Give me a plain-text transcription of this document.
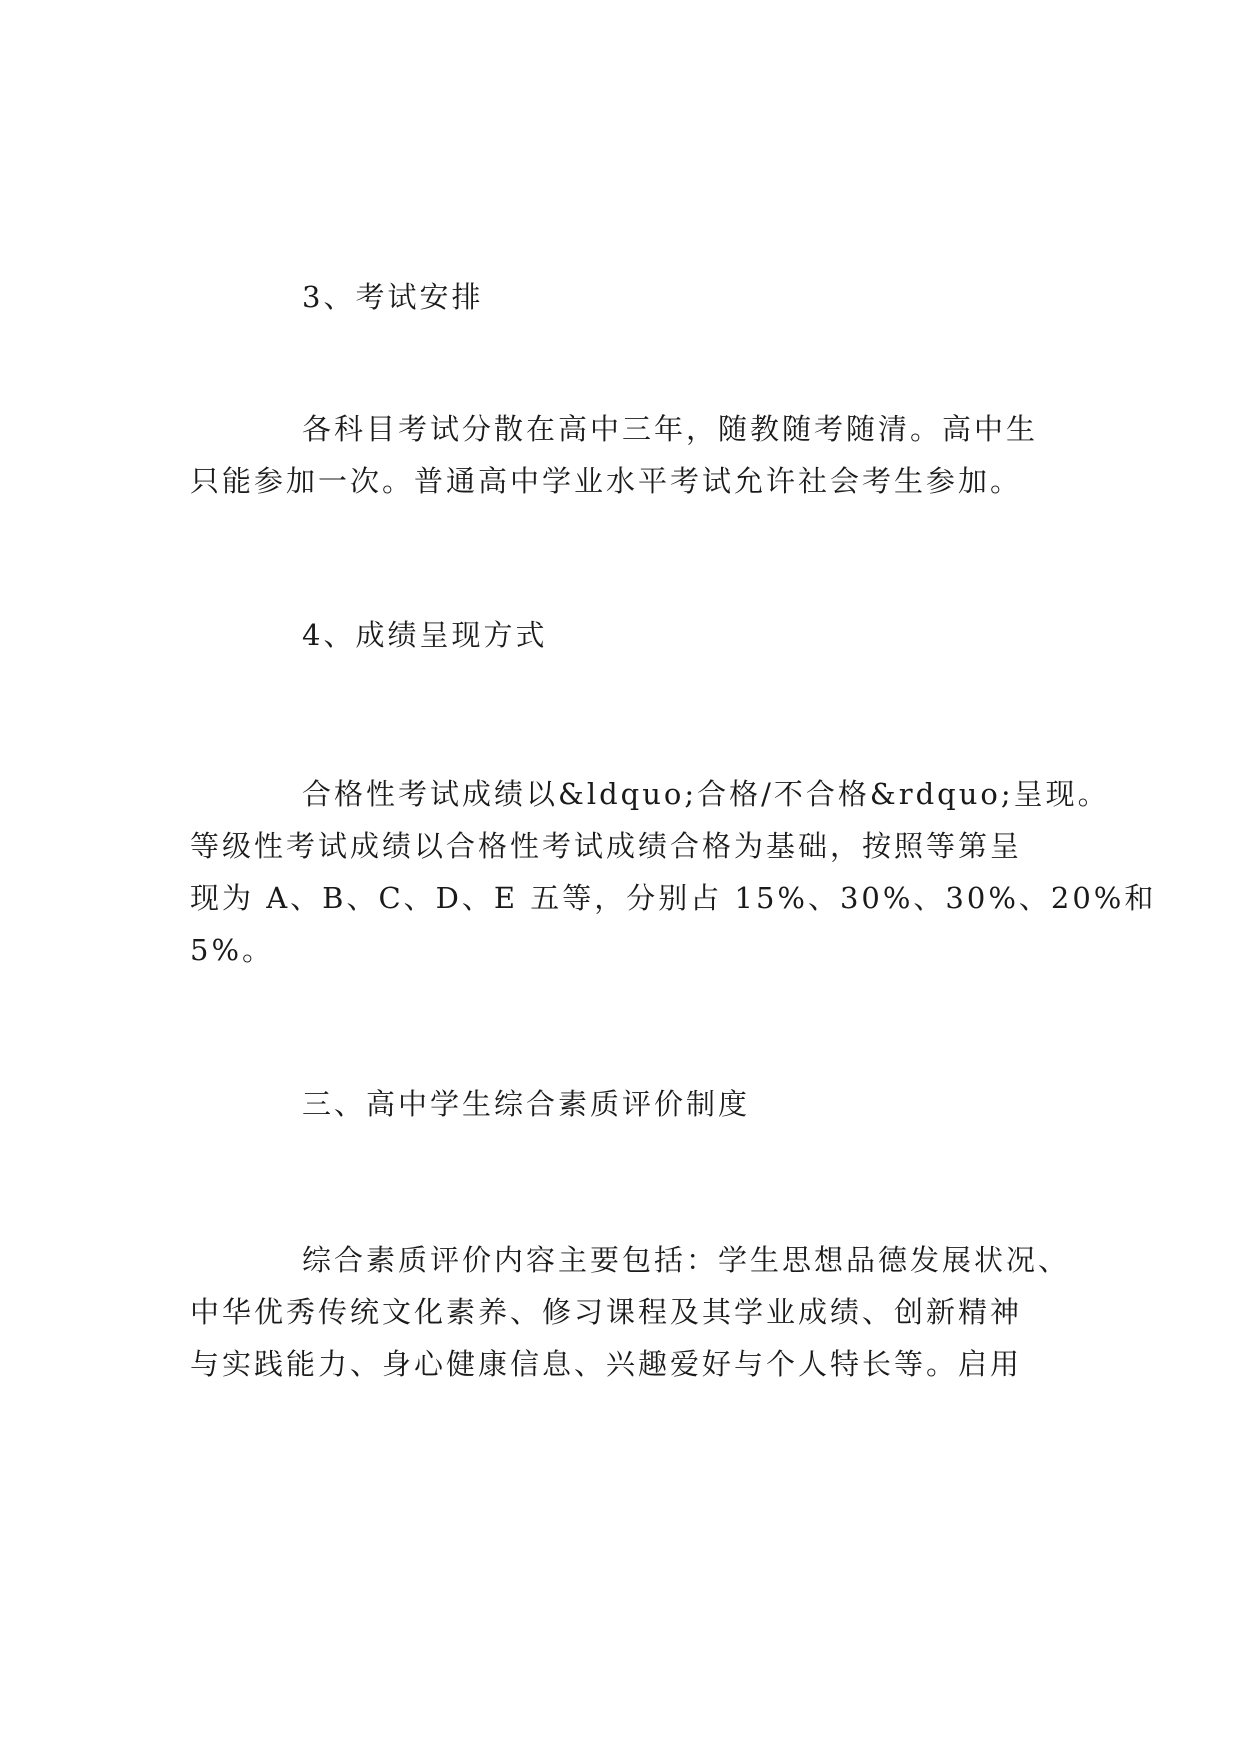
3、考试安排

各科目考试分散在高中三年，随教随考随清。高中生
只能参加一次。普通高中学业水平考试允许社会考生参加。

4、成绩呈现方式

合格性考试成绩以&ldquo;合格/不合格&rdquo;呈现。
等级性考试成绩以合格性考试成绩合格为基础，按照等第呈
现为 A、B、C、D、E 五等，分别占 15%、30%、30%、20%和
5%。

三、高中学生综合素质评价制度

综合素质评价内容主要包括：学生思想品德发展状况、
中华优秀传统文化素养、修习课程及其学业成绩、创新精神
与实践能力、身心健康信息、兴趣爱好与个人特长等。启用
